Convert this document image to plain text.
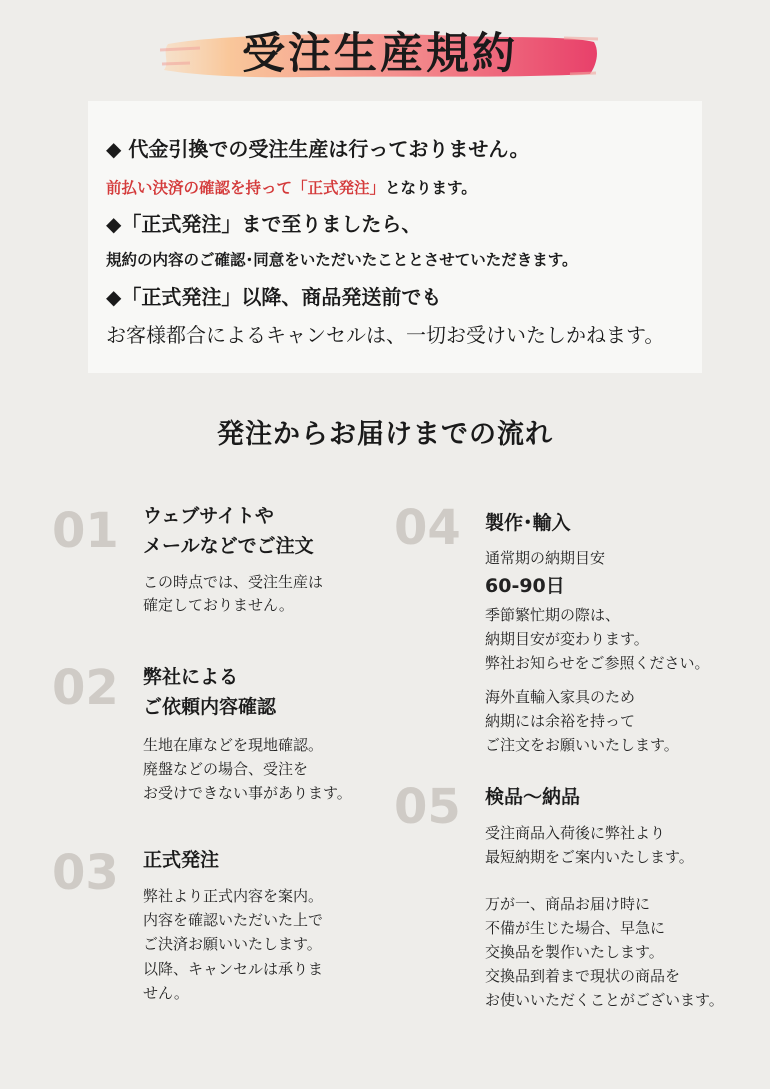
受注生産規約

◆ 代金引換での受注生産は行っておりません。

前払い決済の確認を持って「正式発注」となります。

◆「正式発注」まで至りましたら、

規約の内容のご確認･同意をいただいたこととさせていただきます。

◆「正式発注」以降、商品発送前でも

お客様都合によるキャンセルは、一切お受けいたしかねます。

発注からお届けまでの流れ

01 ウェブサイトや

メールなどでご注文

この時点では、受注生産は

確定しておりません。

02 弊社による

ご依頼内容確認

生地在庫などを現地確認。

廃盤などの場合、受注を

お受けできない事があります。

03 正式発注

弊社より正式内容を案内。

内容を確認いただいた上で

ご決済お願いいたします。

以降、キャンセルは承りま

せん。

04 製作･輸入

通常期の納期目安

60-90日

季節繁忙期の際は、

納期目安が変わります。

弊社お知らせをご参照ください。

海外直輸入家具のため

納期には余裕を持って

ご注文をお願いいたします。

05 検品〜納品

受注商品入荷後に弊社より

最短納期をご案内いたします。

万が一、商品お届け時に

不備が生じた場合、早急に

交換品を製作いたします。

交換品到着まで現状の商品を

お使いいただくことがございます。
